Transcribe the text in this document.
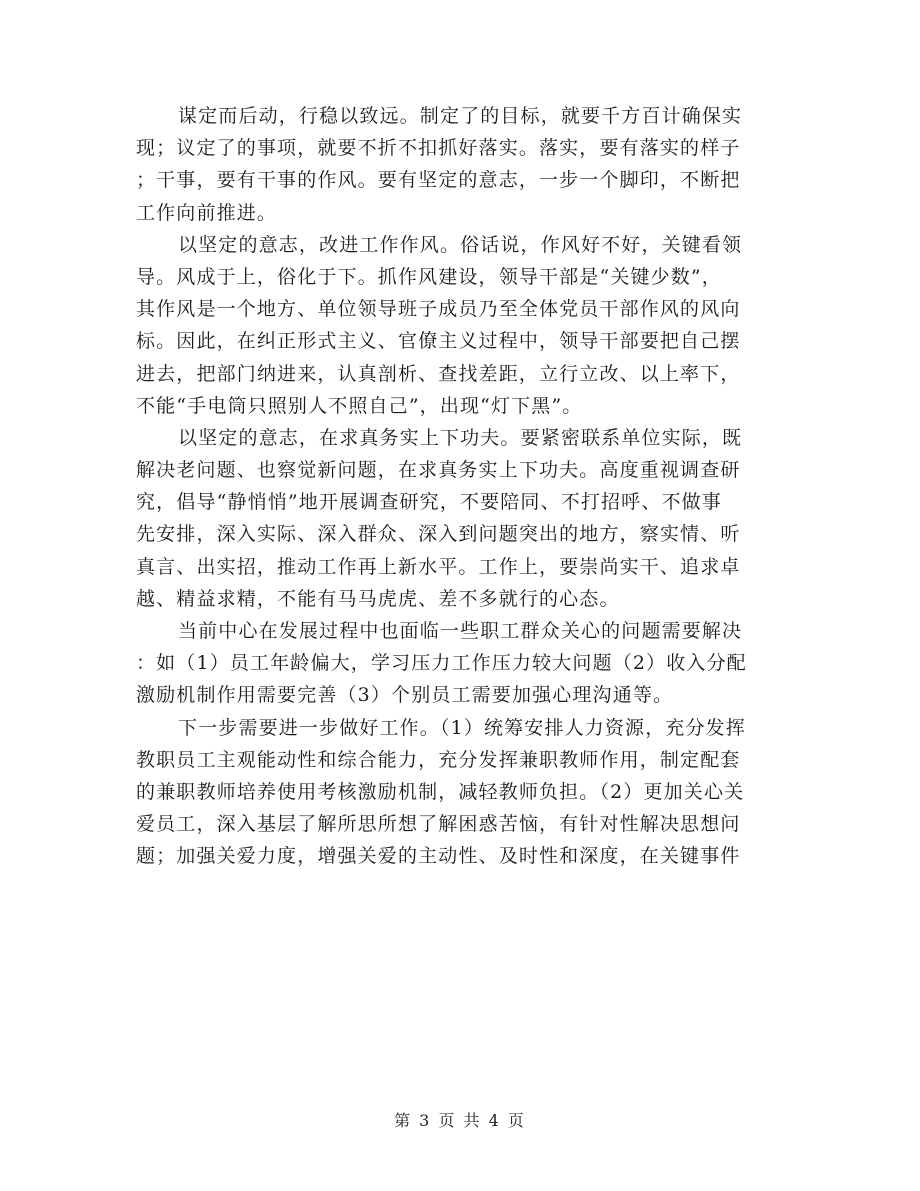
谋定而后动，行稳以致远。制定了的目标，就要千方百计确保实
现；议定了的事项，就要不折不扣抓好落实。落实，要有落实的样子
；干事，要有干事的作风。要有坚定的意志，一步一个脚印，不断把
工作向前推进。
以坚定的意志，改进工作作风。俗话说，作风好不好，关键看领
导。风成于上，俗化于下。抓作风建设，领导干部是“关键少数”，
其作风是一个地方、单位领导班子成员乃至全体党员干部作风的风向
标。因此，在纠正形式主义、官僚主义过程中，领导干部要把自己摆
进去，把部门纳进来，认真剖析、查找差距，立行立改、以上率下，
不能“手电筒只照别人不照自己”，出现“灯下黑”。
以坚定的意志，在求真务实上下功夫。要紧密联系单位实际，既
解决老问题、也察觉新问题，在求真务实上下功夫。高度重视调查研
究，倡导“静悄悄”地开展调查研究，不要陪同、不打招呼、不做事
先安排，深入实际、深入群众、深入到问题突出的地方，察实情、听
真言、出实招，推动工作再上新水平。工作上，要崇尚实干、追求卓
越、精益求精，不能有马马虎虎、差不多就行的心态。
当前中心在发展过程中也面临一些职工群众关心的问题需要解决
：如（1）员工年龄偏大，学习压力工作压力较大问题（2）收入分配
激励机制作用需要完善（3）个别员工需要加强心理沟通等。
下一步需要进一步做好工作。（1）统筹安排人力资源，充分发挥
教职员工主观能动性和综合能力，充分发挥兼职教师作用，制定配套
的兼职教师培养使用考核激励机制，减轻教师负担。（2）更加关心关
爱员工，深入基层了解所思所想了解困惑苦恼，有针对性解决思想问
题；加强关爱力度，增强关爱的主动性、及时性和深度，在关键事件
第 3 页 共 4 页
